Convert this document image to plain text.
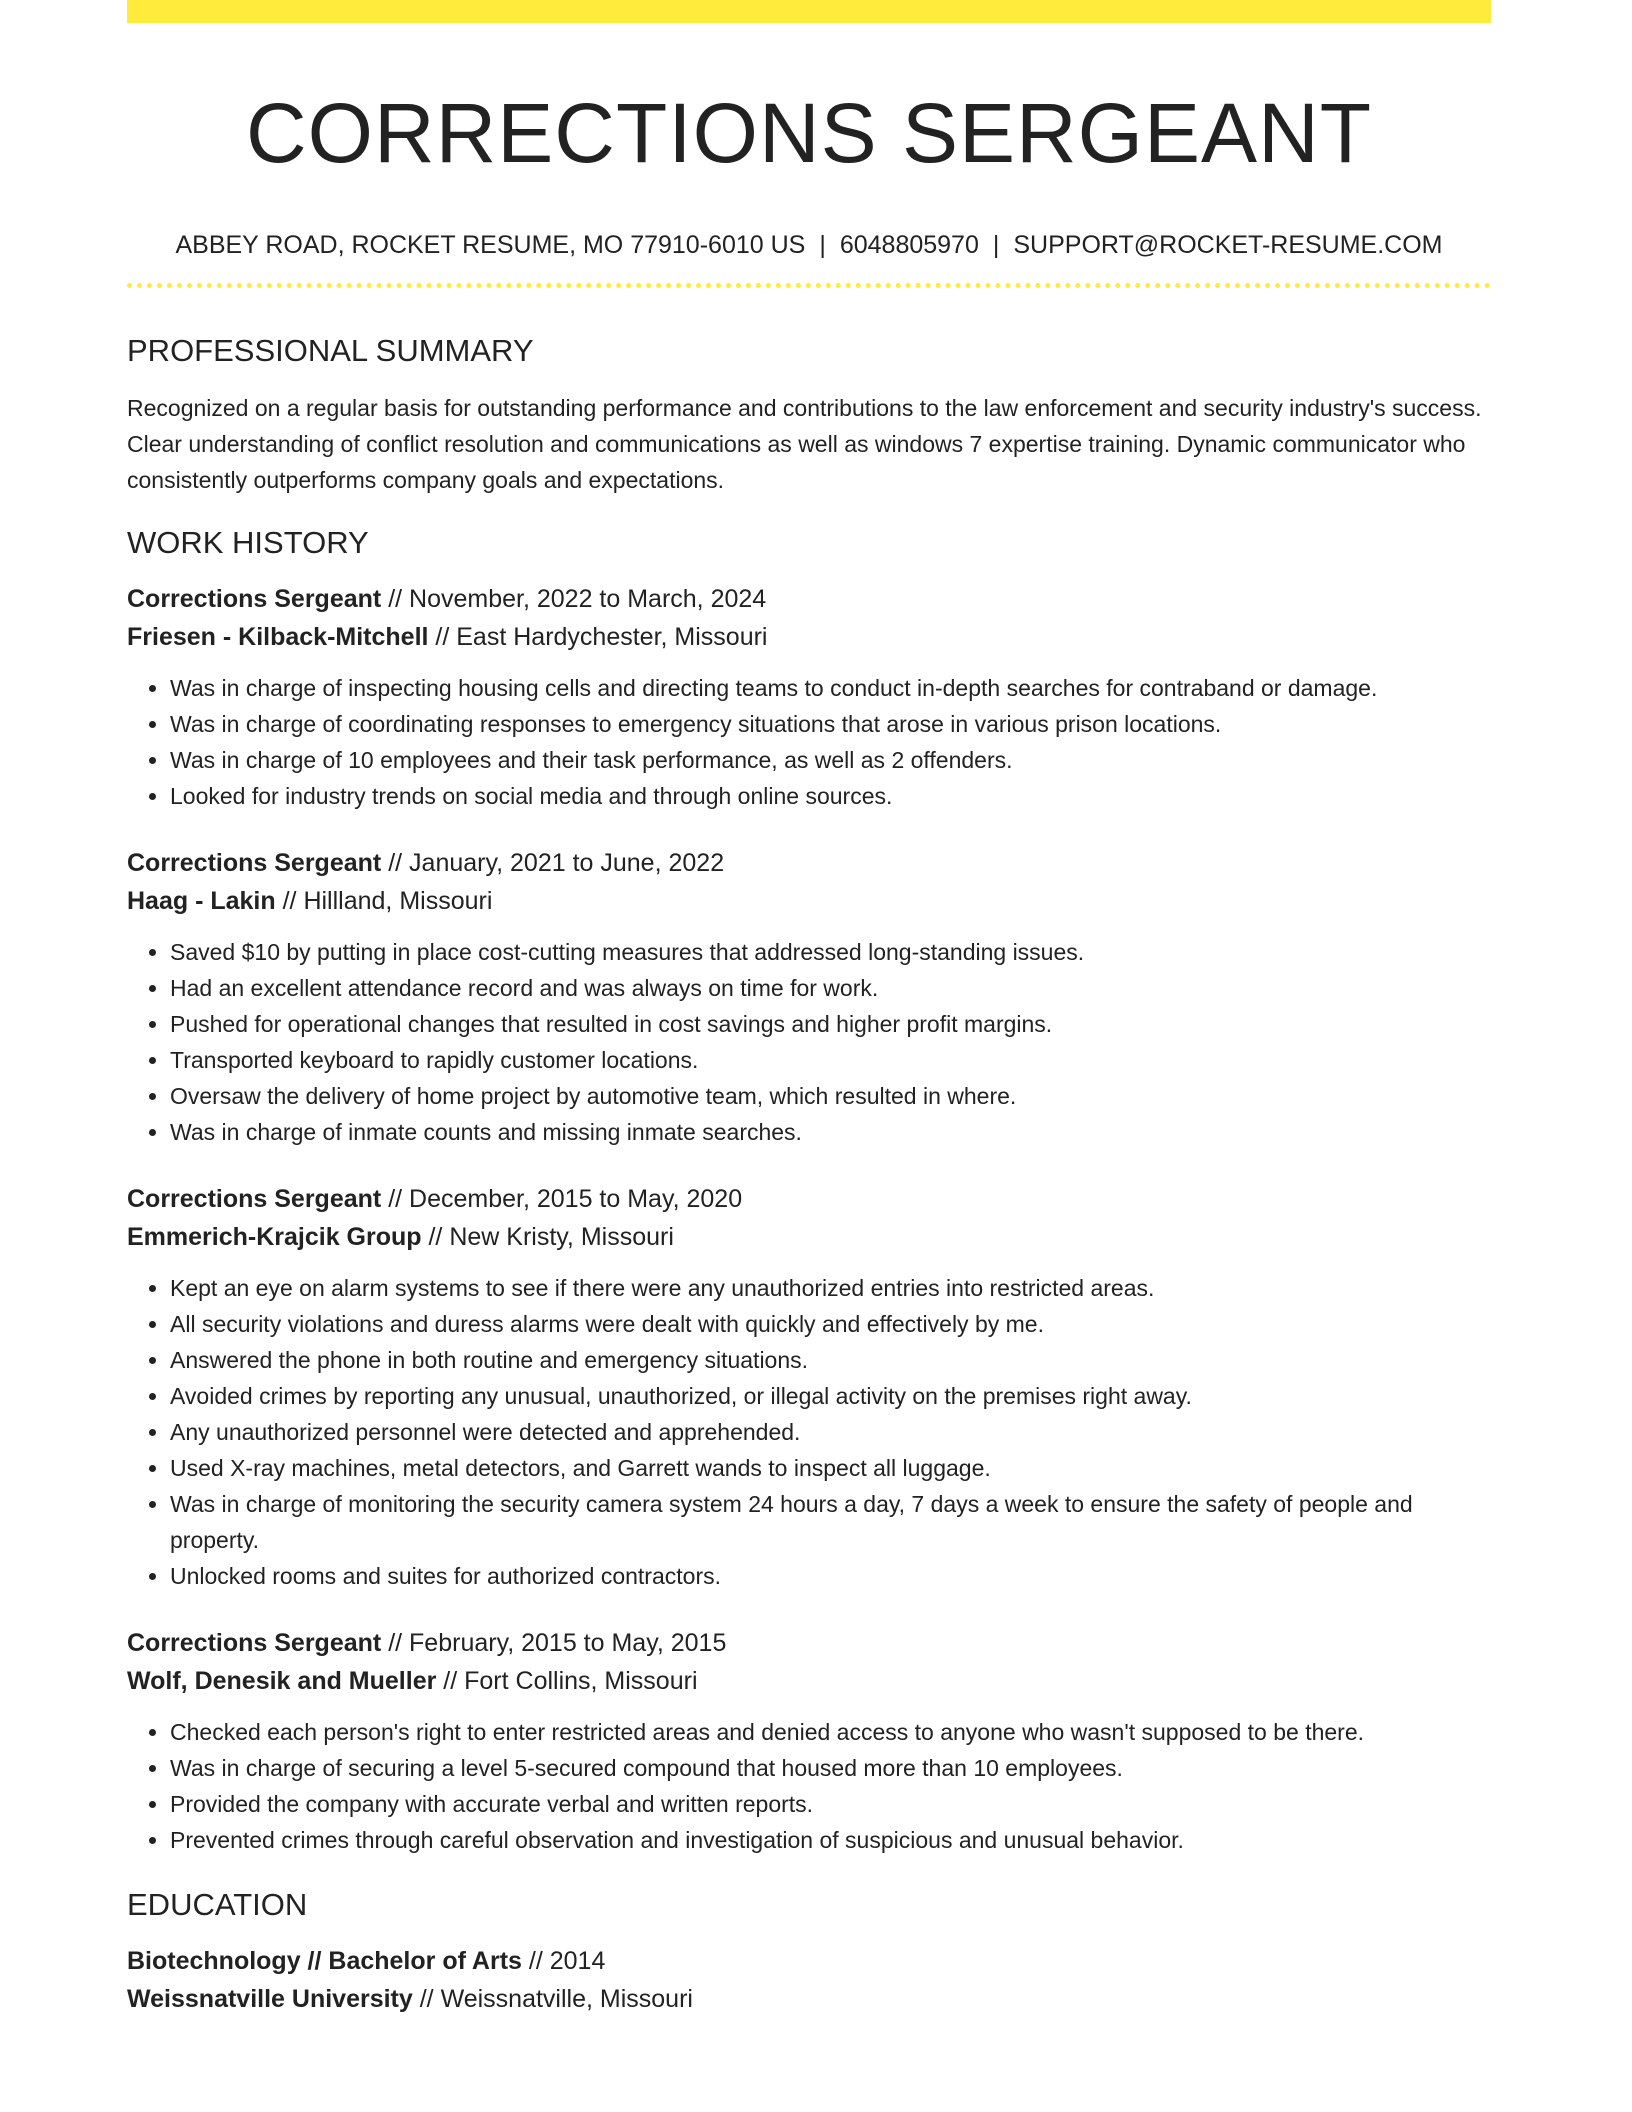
CORRECTIONS SERGEANT
ABBEY ROAD, ROCKET RESUME, MO 77910-6010 US | 6048805970 | SUPPORT@ROCKET-RESUME.COM
PROFESSIONAL SUMMARY
Recognized on a regular basis for outstanding performance and contributions to the law enforcement and security industry's success. Clear understanding of conflict resolution and communications as well as windows 7 expertise training. Dynamic communicator who consistently outperforms company goals and expectations.
WORK HISTORY
Corrections Sergeant // November, 2022 to March, 2024
Friesen - Kilback-Mitchell // East Hardychester, Missouri
• Was in charge of inspecting housing cells and directing teams to conduct in-depth searches for contraband or damage.
• Was in charge of coordinating responses to emergency situations that arose in various prison locations.
• Was in charge of 10 employees and their task performance, as well as 2 offenders.
• Looked for industry trends on social media and through online sources.
Corrections Sergeant // January, 2021 to June, 2022
Haag - Lakin // Hillland, Missouri
• Saved $10 by putting in place cost-cutting measures that addressed long-standing issues.
• Had an excellent attendance record and was always on time for work.
• Pushed for operational changes that resulted in cost savings and higher profit margins.
• Transported keyboard to rapidly customer locations.
• Oversaw the delivery of home project by automotive team, which resulted in where.
• Was in charge of inmate counts and missing inmate searches.
Corrections Sergeant // December, 2015 to May, 2020
Emmerich-Krajcik Group // New Kristy, Missouri
• Kept an eye on alarm systems to see if there were any unauthorized entries into restricted areas.
• All security violations and duress alarms were dealt with quickly and effectively by me.
• Answered the phone in both routine and emergency situations.
• Avoided crimes by reporting any unusual, unauthorized, or illegal activity on the premises right away.
• Any unauthorized personnel were detected and apprehended.
• Used X-ray machines, metal detectors, and Garrett wands to inspect all luggage.
• Was in charge of monitoring the security camera system 24 hours a day, 7 days a week to ensure the safety of people and property.
• Unlocked rooms and suites for authorized contractors.
Corrections Sergeant // February, 2015 to May, 2015
Wolf, Denesik and Mueller // Fort Collins, Missouri
• Checked each person's right to enter restricted areas and denied access to anyone who wasn't supposed to be there.
• Was in charge of securing a level 5-secured compound that housed more than 10 employees.
• Provided the company with accurate verbal and written reports.
• Prevented crimes through careful observation and investigation of suspicious and unusual behavior.
EDUCATION
Biotechnology // Bachelor of Arts // 2014
Weissnatville University // Weissnatville, Missouri
